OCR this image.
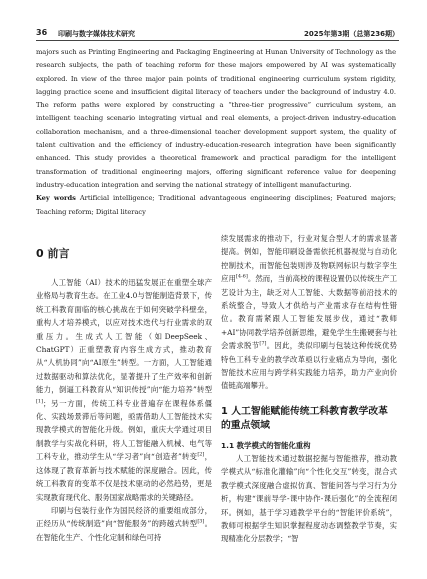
36 印刷与数字媒体技术研究	2025年第3期（总第236期）
majors such as Printing Engineering and Packaging Engineering at Hunan University of Technology as the research subjects, the path of teaching reform for these majors empowered by AI was systematically explored. In view of the three major pain points of traditional engineering curriculum system rigidity, lagging practice scene and insufficient digital literacy of teachers under the background of industry 4.0. The reform paths were explored by constructing a “three-tier progressive” curriculum system, an intelligent teaching scenario integrating virtual and real elements, a project-driven industry-education collaboration mechanism, and a three-dimensional teacher development support system, the quality of talent cultivation and the efficiency of industry-education-research integration have been significantly enhanced. This study provides a theoretical framework and practical paradigm for the intelligent transformation of traditional engineering majors, offering significant reference value for deepening industry-education integration and serving the national strategy of intelligent manufacturing.
Key words Artificial intelligence; Traditional advantageous engineering disciplines; Featured majors; Teaching reform; Digital literacy
0 前言

人工智能（AI）技术的迅猛发展正在重塑全球产业格局与教育生态。在工业4.0与智能制造背景下，传统工科教育面临的核心挑战在于如何突破学科壁垒，重构人才培养模式，以应对技术迭代与行业需求的双重压力。生成式人工智能（如DeepSeek、ChatGPT）正重塑教育内容生成方式，推动教育从“人机协同”向“AI原生”转型。一方面，人工智能通过数据驱动和算法优化，显著提升了生产效率和创新能力，倒逼工科教育从“知识传授”向“能力培养”转型[1]；另一方面，传统工科专业普遍存在课程体系僵化、实践场景滞后等问题，亟需借助人工智能技术实现教学模式的智能化升级。例如，重庆大学通过项目制教学与实战化科研，将人工智能融入机械、电气等工科专业，推动学生从“学习者”向“创造者”转变[2]，这体现了教育革新与技术赋能的深度融合。因此，传统工科教育的变革不仅是技术驱动的必然趋势，更是实现教育现代化、服务国家战略需求的关键路径。

印刷与包装行业作为国民经济的重要组成部分，正经历从“传统制造”向“智能服务”的跨越式转型[3]。在智能化生产、个性化定制和绿色可持

续发展需求的推动下，行业对复合型人才的需求显著提高。例如，智能印刷设备需依托机器视觉与自动化控制技术，而智能包装则涉及物联网标识与数字孪生应用[4-6]。然而，当前高校的课程设置仍以传统生产工艺设计为主，缺乏对人工智能、大数据等前沿技术的系统整合，导致人才供给与产业需求存在结构性错位。教育需紧跟人工智能发展步伐，通过“教师+AI”协同教学培养创新思维，避免学生生搬硬套与社会需求脱节[7]。因此，类似印刷与包装这种传统优势特色工科专业的教学改革亟以行业痛点为导向，强化智能技术应用与跨学科实践能力培养，助力产业向价值链高端攀升。

1 人工智能赋能传统工科教育教学改革的重点领域
1.1 教学模式的智能化重构

人工智能技术通过数据挖掘与智能推荐，推动教学模式从“标准化灌输”向“个性化交互”转变，混合式教学模式深度融合虚拟仿真、智能问答与学习行为分析，构建“课前导学-课中协作-课后强化”的全流程闭环。例如，基于学习通教学平台的“智能评价系统”，教师可根据学生知识掌握程度动态调整教学节奏，实现精准化分层教学；“智
